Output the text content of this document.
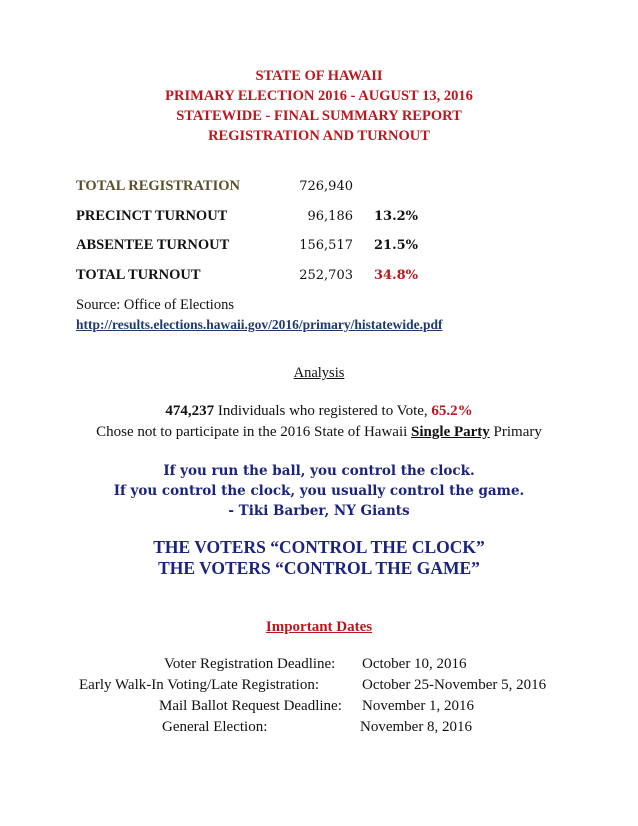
STATE OF HAWAII
PRIMARY ELECTION 2016 - AUGUST 13, 2016
STATEWIDE - FINAL SUMMARY REPORT
REGISTRATION AND TURNOUT
TOTAL REGISTRATION	726,940
PRECINCT TURNOUT	96,186 13.2%
ABSENTEE TURNOUT	156,517 21.5%
TOTAL TURNOUT	252,703 34.8%
Source: Office of Elections
http://results.elections.hawaii.gov/2016/primary/histatewide.pdf
Analysis
474,237 Individuals who registered to Vote, 65.2%
Chose not to participate in the 2016 State of Hawaii Single Party Primary
If you run the ball, you control the clock.
If you control the clock, you usually control the game.
- Tiki Barber, NY Giants
THE VOTERS “CONTROL THE CLOCK”
THE VOTERS “CONTROL THE GAME”
Important Dates
Voter Registration Deadline: October 10, 2016
Early Walk-In Voting/Late Registration:	October 25-November 5, 2016
Mail Ballot Request Deadline: November 1, 2016
General Election:	November 8, 2016
